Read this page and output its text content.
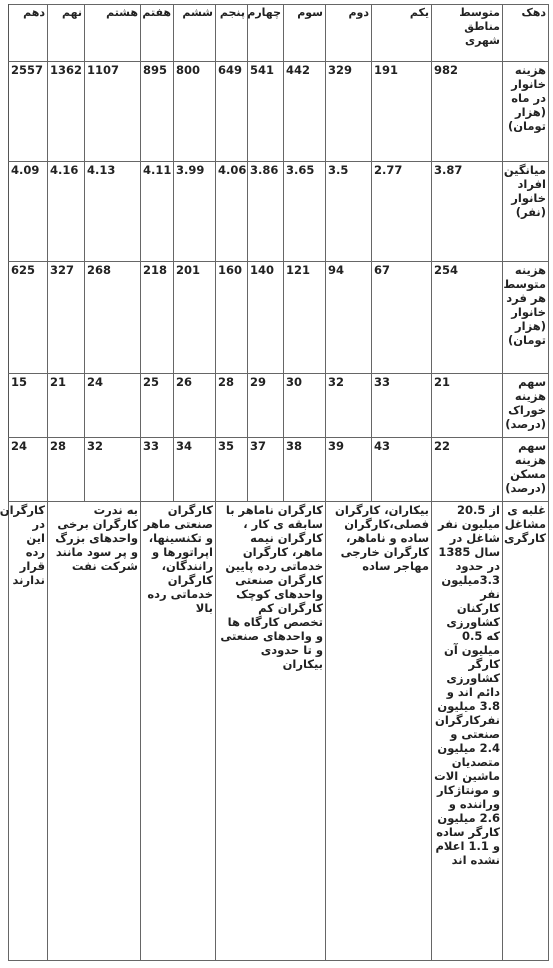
دهک	متوسط مناطق شهری	یکم	دوم	سوم	چهارم	پنجم	ششم	هفتم	هشتم	نهم	دهم
هزینه خانوار در ماه (هزار تومان)	982	191	329	442	541	649	800	895	1107	1362	2557
میانگین افراد خانوار (نفر)	3.87	2.77	3.5	3.65	3.86	4.06	3.99	4.11	4.13	4.16	4.09
هزینه متوسط هر فرد خانوار (هزار تومان)	254	67	94	121	140	160	201	218	268	327	625
سهم هزینه خوراک (درصد)	21	33	32	30	29	28	26	25	24	21	15
سهم هزینه مسکن (درصد)	22	43	39	38	37	35	34	33	32	28	24
غلبه ی مشاغل کارگری	از 20.5 میلیون نفر شاغل در سال 1385 در حدود 3.3میلیون نفر کارکنان کشاورزی که 0.5 میلیون آن کارگر کشاورزی دائم اند و 3.8 میلیون نفرکارگران صنعتی و 2.4 میلیون متصدیان ماشین الات و مونتاژکار وراننده و 2.6 میلیون کارگر ساده و 1.1 اعلام نشده اند	بیکاران، کارگران فصلی،کارگران ساده و ناماهر، کارگران خارجی مهاجر ساده		کارگران ناماهر با سابقه ی کار ، کارگران نیمه ماهر، کارگران خدماتی رده پایین کارگران صنعتی واحدهای کوچک کارگران کم تخصص کارگاه ها و واحدهای صنعتی و تا حدودی بیکاران			کارگران صنعتی ماهر و تکنسینها، اپراتورها و رانندگان، کارگران خدماتی رده بالا		به ندرت کارگران برخی واحدهای بزرگ و پر سود مانند شرکت نفت		کارگران در این رده قرار ندارند
